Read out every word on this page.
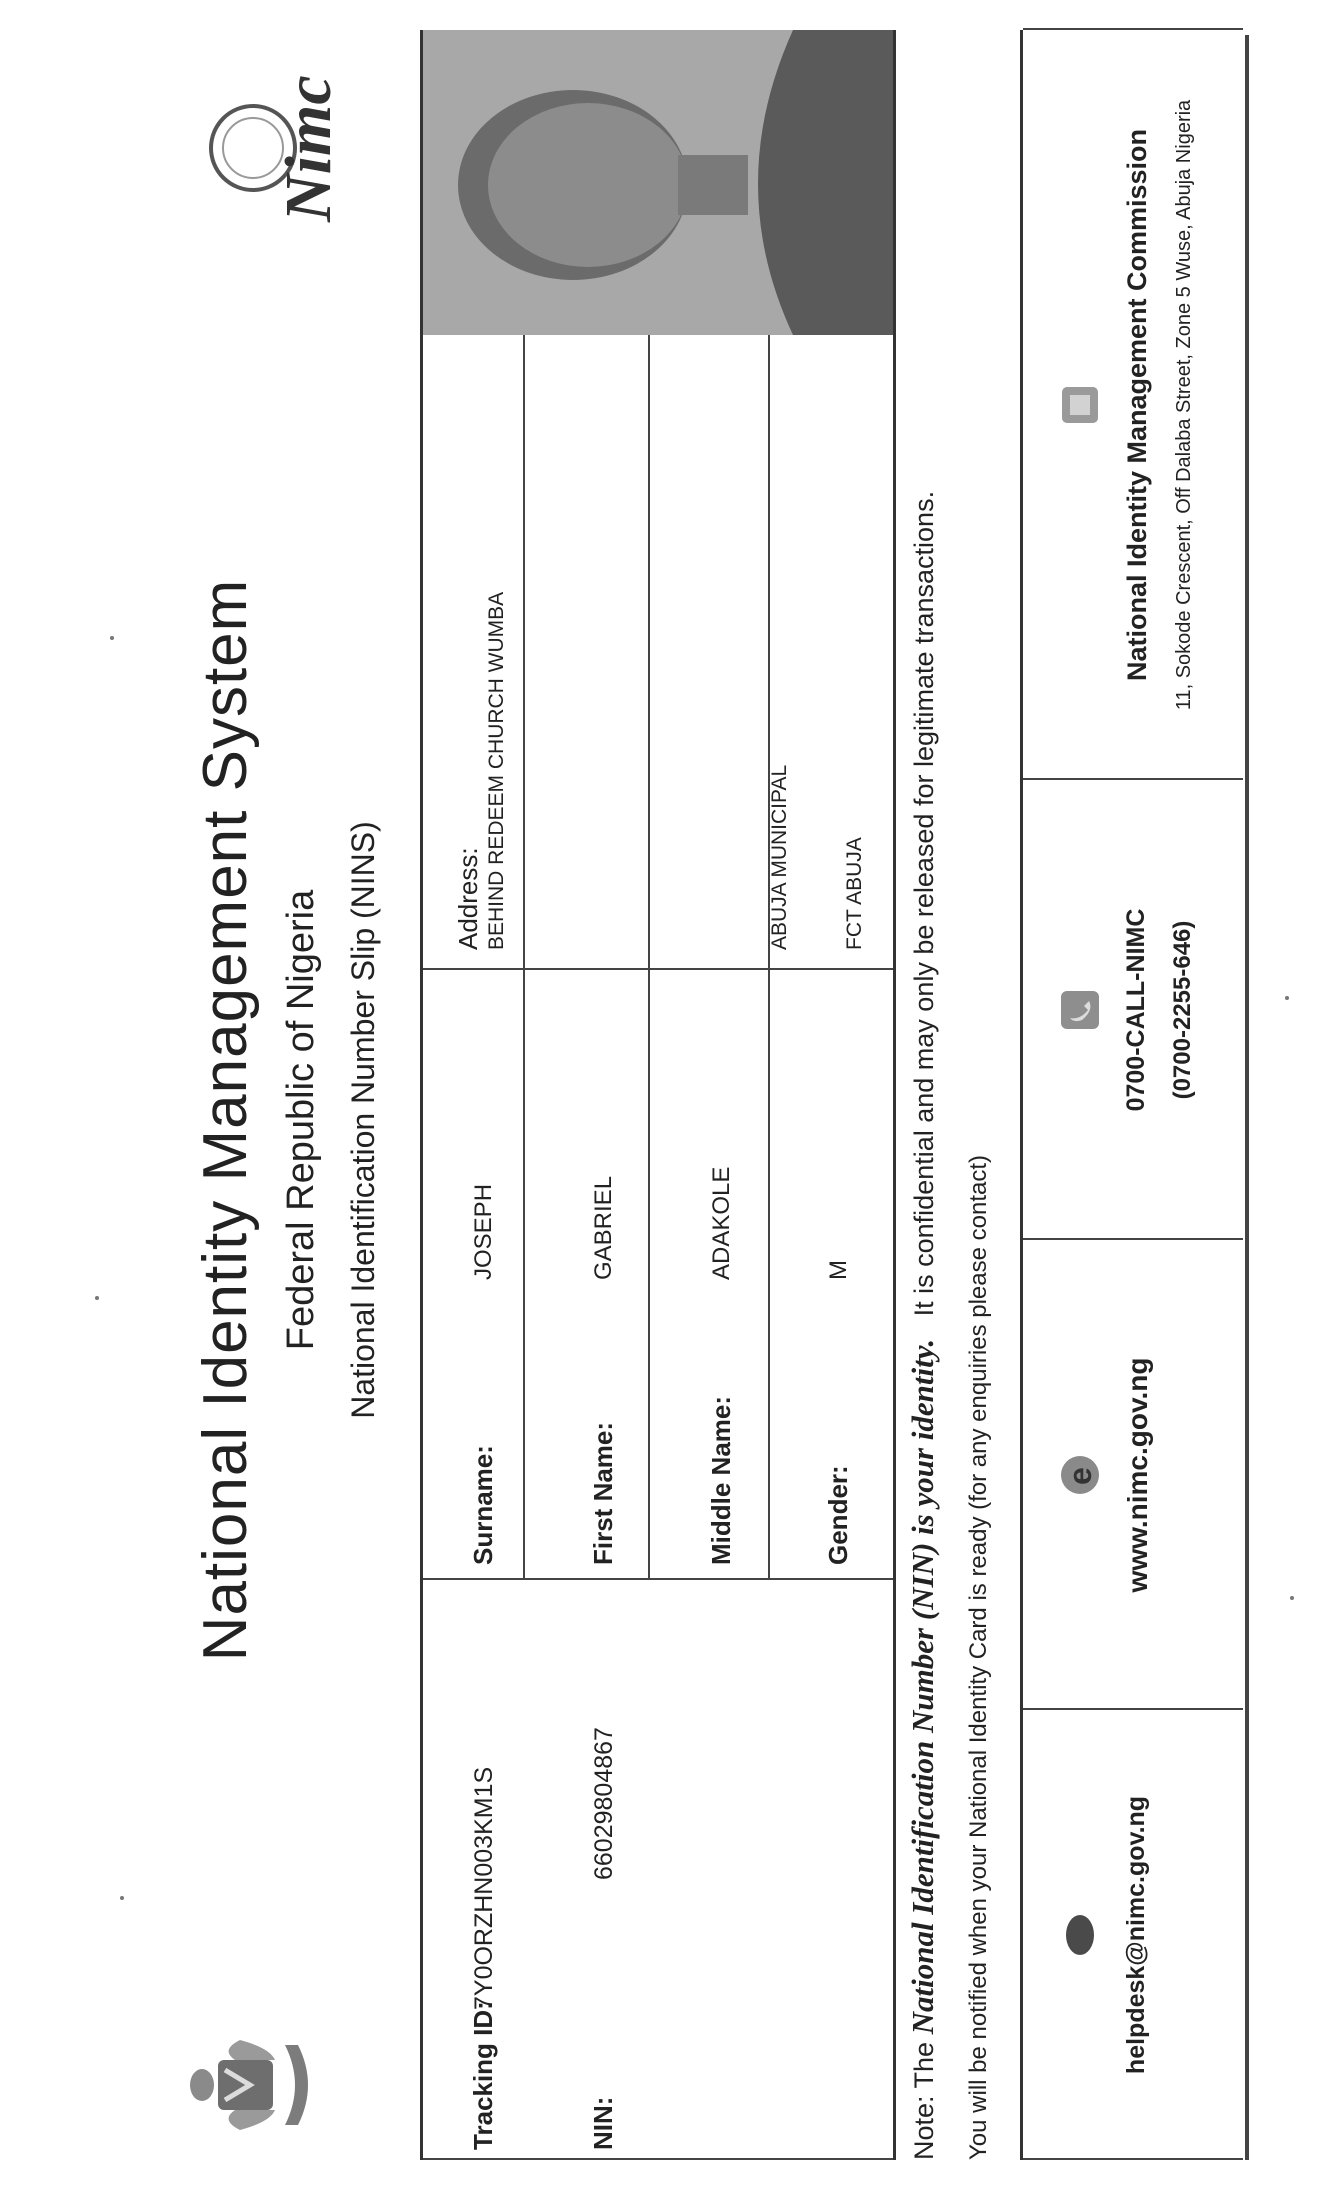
National Identity Management System Federal Republic of Nigeria National Identification Number Slip (NINS)
Nimc
Tracking ID:
7Y0ORZHN003KM1S
NIN:
66029804867
Surname:
JOSEPH
First Name:
GABRIEL
Middle Name:
ADAKOLE
Gender:
M
Address: BEHIND REDEEM CHURCH WUMBA	ABUJA MUNICIPAL FCT ABUJA
Note: The National Identification Number (NIN) is your identity.   It is confidential and may only be released for legitimate transactions.
You will be notified when your National Identity Card is ready (for any enquiries please contact)	helpdesk@nimc.gov.ng
e www.nimc.gov.ng
0700-CALL-NIMC (0700-2255-646)
National Identity Management Commission 11, Sokode Crescent, Off Dalaba Street, Zone 5 Wuse, Abuja Nigeria
